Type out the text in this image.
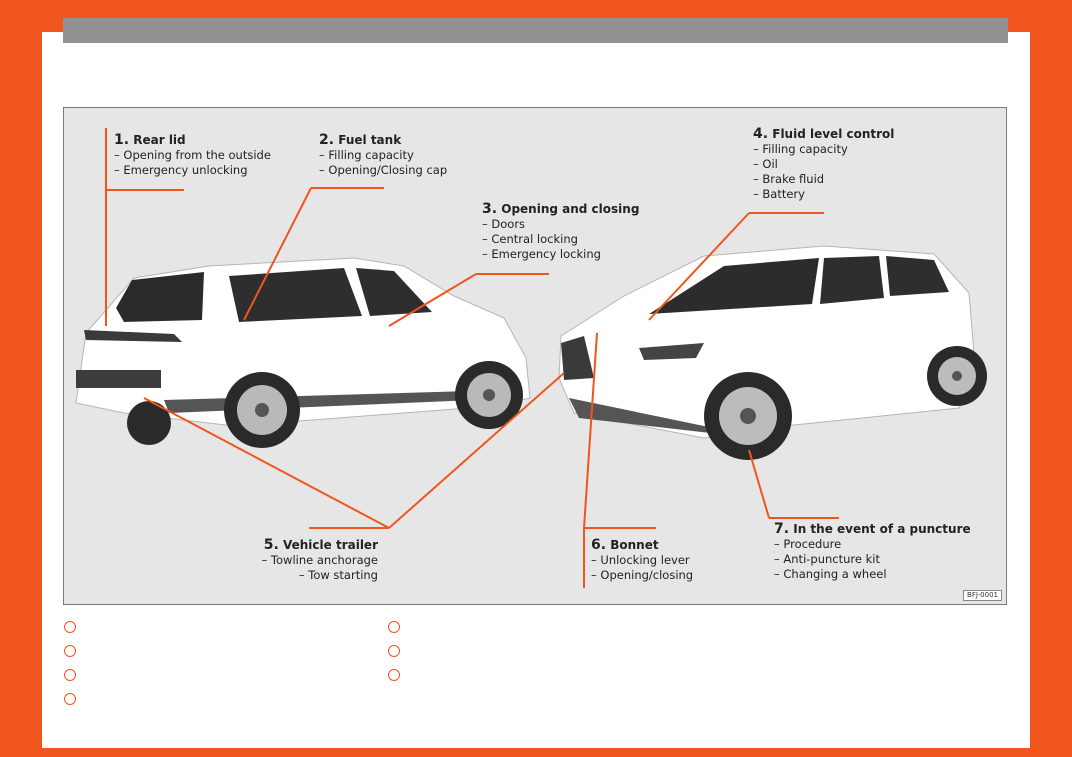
1. Rear lid
– Opening from the outside
– Emergency unlocking
2. Fuel tank
– Filling capacity
– Opening/Closing cap
3. Opening and closing
– Doors
– Central locking
– Emergency locking
4. Fluid level control
– Filling capacity
– Oil
– Brake fluid
– Battery
5. Vehicle trailer
– Towline anchorage
– Tow starting
6. Bonnet
– Unlocking lever
– Opening/closing
7. In the event of a puncture
– Procedure
– Anti-puncture kit
– Changing a wheel
BFJ-0001
